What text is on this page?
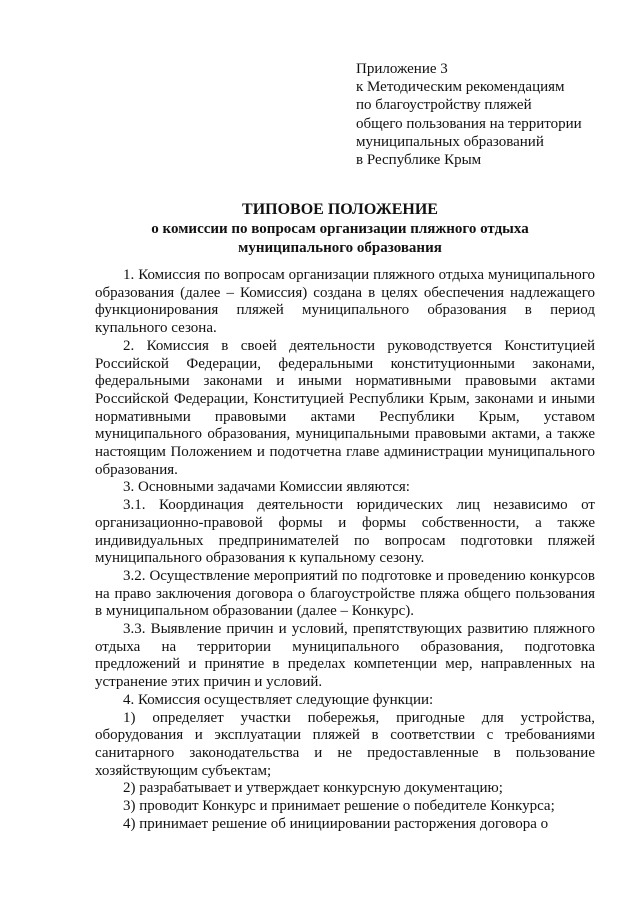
Приложение 3
к Методическим рекомендациям
по благоустройству пляжей
общего пользования на территории
муниципальных образований
в Республике Крым
ТИПОВОЕ ПОЛОЖЕНИЕ
о комиссии по вопросам организации пляжного отдыха
муниципального образования

1. Комиссия по вопросам организации пляжного отдыха муниципального образования (далее – Комиссия) создана в целях обеспечения надлежащего функционирования пляжей муниципального образования в период купального сезона.

2. Комиссия в своей деятельности руководствуется Конституцией Российской Федерации, федеральными конституционными законами, федеральными законами и иными нормативными правовыми актами Российской Федерации, Конституцией Республики Крым, законами и иными нормативными правовыми актами Республики Крым, уставом муниципального образования, муниципальными правовыми актами, а также настоящим Положением и подотчетна главе администрации муниципального образования.

3. Основными задачами Комиссии являются:

3.1. Координация деятельности юридических лиц независимо от организационно-правовой формы и формы собственности, а также индивидуальных предпринимателей по вопросам подготовки пляжей муниципального образования к купальному сезону.

3.2. Осуществление мероприятий по подготовке и проведению конкурсов на право заключения договора о благоустройстве пляжа общего пользования в муниципальном образовании (далее – Конкурс).

3.3. Выявление причин и условий, препятствующих развитию пляжного отдыха на территории муниципального образования, подготовка предложений и принятие в пределах компетенции мер, направленных на устранение этих причин и условий.

4. Комиссия осуществляет следующие функции:

1) определяет участки побережья, пригодные для устройства, оборудования и эксплуатации пляжей в соответствии с требованиями санитарного законодательства и не предоставленные в пользование хозяйствующим субъектам;

2) разрабатывает и утверждает конкурсную документацию;

3) проводит Конкурс и принимает решение о победителе Конкурса;

4) принимает решение об инициировании расторжения договора о
